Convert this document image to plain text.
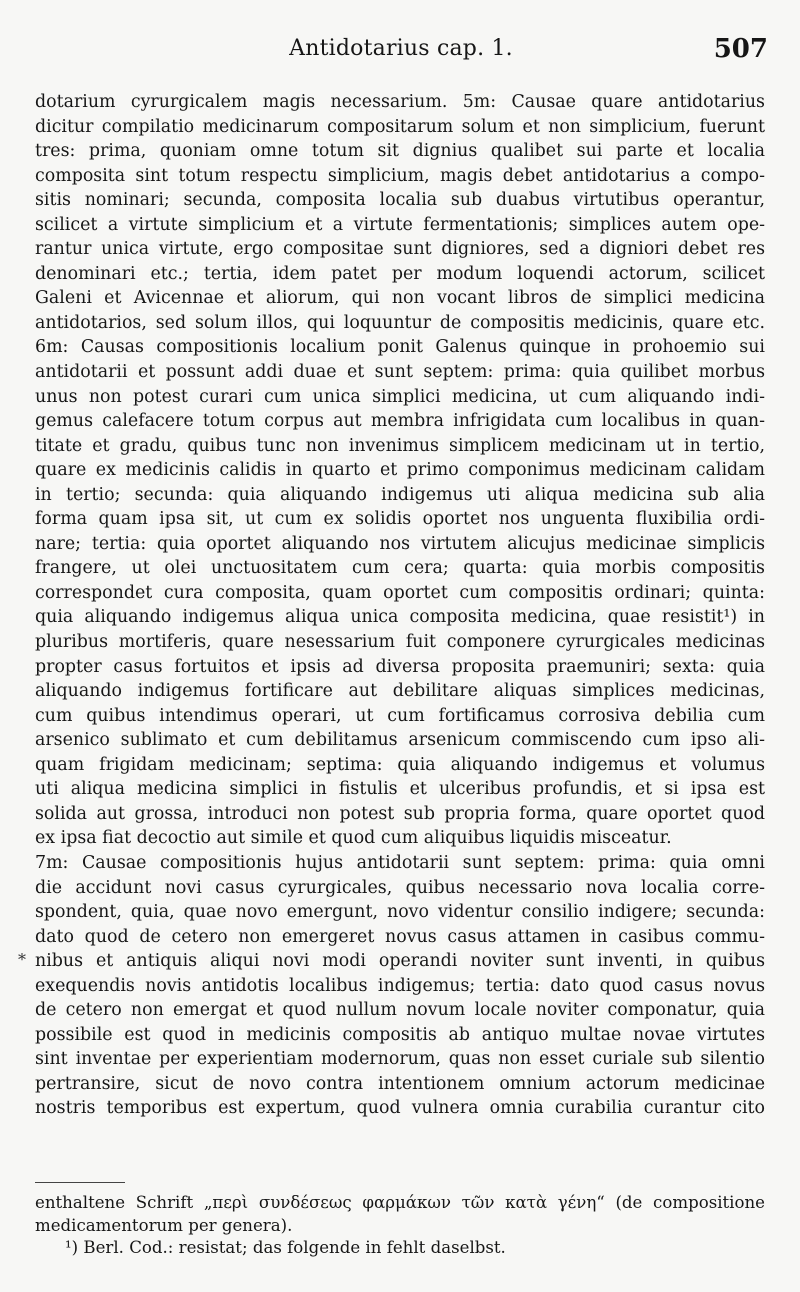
Antidotarius cap. 1.	507
*
dotarium cyrurgicalem magis necessarium. 5m: Causae quare antidotarius
dicitur compilatio medicinarum compositarum solum et non simplicium, fuerunt
tres: prima, quoniam omne totum sit dignius qualibet sui parte et localia
composita sint totum respectu simplicium, magis debet antidotarius a compo-
sitis nominari; secunda, composita localia sub duabus virtutibus operantur,
scilicet a virtute simplicium et a virtute fermentationis; simplices autem ope-
rantur unica virtute, ergo compositae sunt digniores, sed a digniori debet res
denominari etc.; tertia, idem patet per modum loquendi actorum, scilicet
Galeni et Avicennae et aliorum, qui non vocant libros de simplici medicina
antidotarios, sed solum illos, qui loquuntur de compositis medicinis, quare etc.
6m: Causas compositionis localium ponit Galenus quinque in prohoemio sui
antidotarii et possunt addi duae et sunt septem: prima: quia quilibet morbus
unus non potest curari cum unica simplici medicina, ut cum aliquando indi-
gemus calefacere totum corpus aut membra infrigidata cum localibus in quan-
titate et gradu, quibus tunc non invenimus simplicem medicinam ut in tertio,
quare ex medicinis calidis in quarto et primo componimus medicinam calidam
in tertio; secunda: quia aliquando indigemus uti aliqua medicina sub alia
forma quam ipsa sit, ut cum ex solidis oportet nos unguenta fluxibilia ordi-
nare; tertia: quia oportet aliquando nos virtutem alicujus medicinae simplicis
frangere, ut olei unctuositatem cum cera; quarta: quia morbis compositis
correspondet cura composita, quam oportet cum compositis ordinari; quinta:
quia aliquando indigemus aliqua unica composita medicina, quae resistit¹) in
pluribus mortiferis, quare nesessarium fuit componere cyrurgicales medicinas
propter casus fortuitos et ipsis ad diversa proposita praemuniri; sexta: quia
aliquando indigemus fortificare aut debilitare aliquas simplices medicinas,
cum quibus intendimus operari, ut cum fortificamus corrosiva debilia cum
arsenico sublimato et cum debilitamus arsenicum commiscendo cum ipso ali-
quam frigidam medicinam; septima: quia aliquando indigemus et volumus
uti aliqua medicina simplici in fistulis et ulceribus profundis, et si ipsa est
solida aut grossa, introduci non potest sub propria forma, quare oportet quod
ex ipsa fiat decoctio aut simile et quod cum aliquibus liquidis misceatur.
7m: Causae compositionis hujus antidotarii sunt septem: prima: quia omni
die accidunt novi casus cyrurgicales, quibus necessario nova localia corre-
spondent, quia, quae novo emergunt, novo videntur consilio indigere; secunda:
dato quod de cetero non emergeret novus casus attamen in casibus commu-
nibus et antiquis aliqui novi modi operandi noviter sunt inventi, in quibus
exequendis novis antidotis localibus indigemus; tertia: dato quod casus novus
de cetero non emergat et quod nullum novum locale noviter componatur, quia
possibile est quod in medicinis compositis ab antiquo multae novae virtutes
sint inventae per experientiam modernorum, quas non esset curiale sub silentio
pertransire, sicut de novo contra intentionem omnium actorum medicinae
nostris temporibus est expertum, quod vulnera omnia curabilia curantur cito
enthaltene Schrift „περὶ συνδέσεως φαρμάκων τῶν κατὰ γένη“ (de compositione
medicamentorum per genera).
¹) Berl. Cod.: resistat; das folgende in fehlt daselbst.
